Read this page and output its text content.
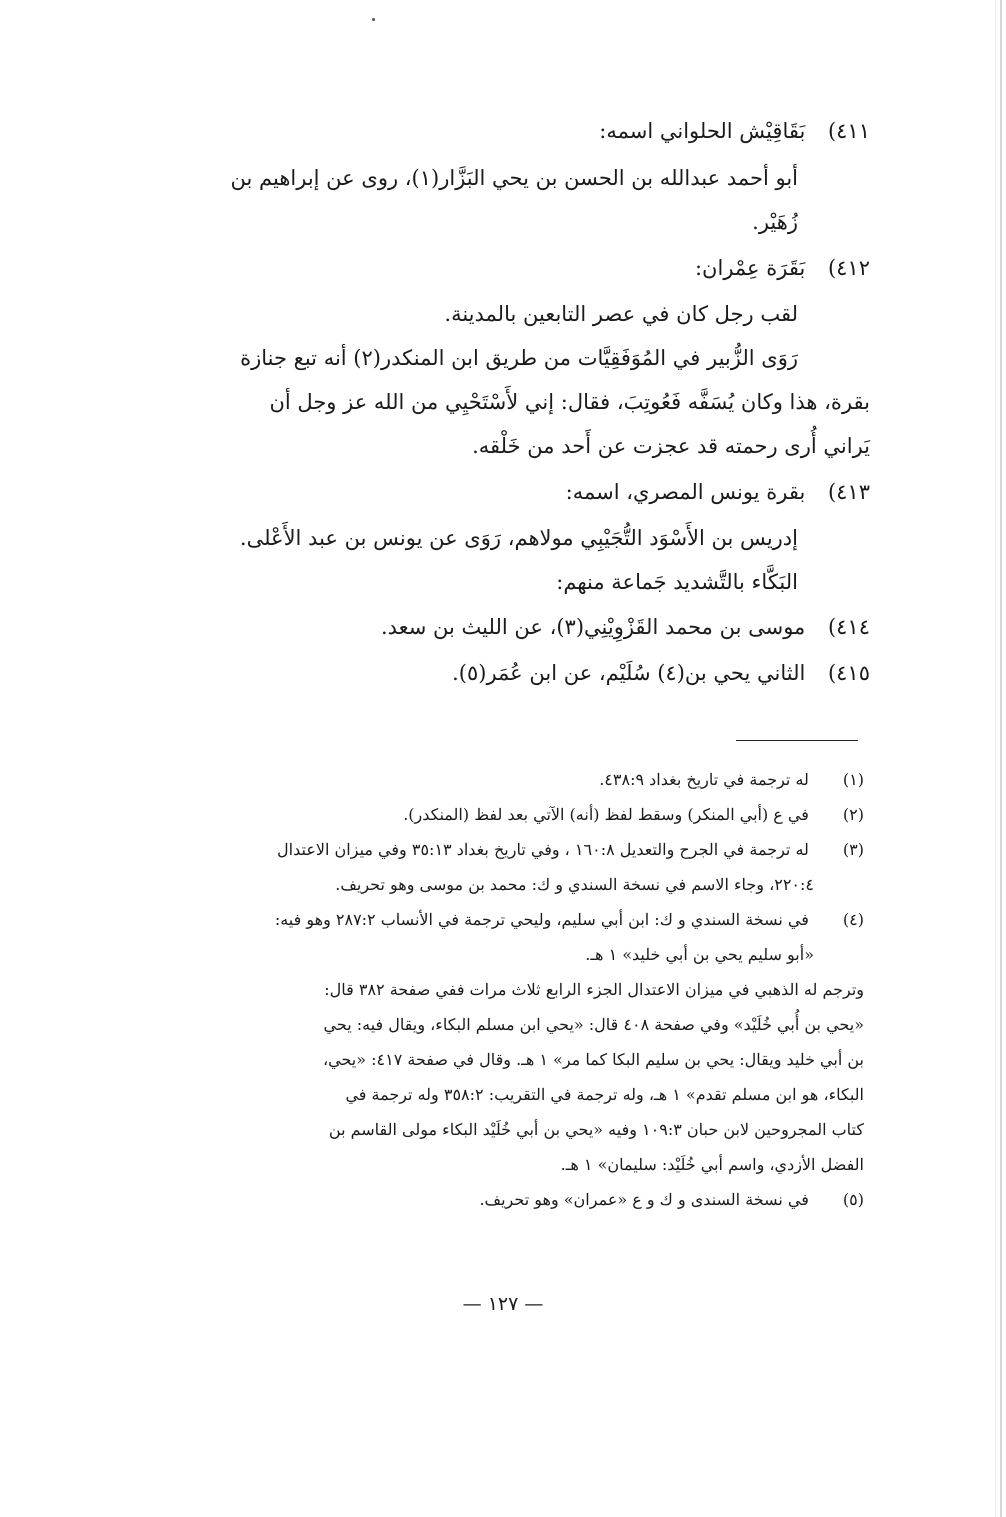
٤١١) بَقَاقِيْش الحلواني اسمه:
أبو أحمد عبدالله بن الحسن بن يحي البَزَّار(١)، روى عن إبراهيم بن
زُهَيْر.
٤١٢) بَقَرَة عِمْران:
لقب رجل كان في عصر التابعين بالمدينة.
رَوَى الزُّبير في المُوَفَقِيَّات من طريق ابن المنكدر(٢) أنه تبع جنازة
بقرة، هذا وكان يُسَفَّه فَعُوتِبَ، فقال: إني لأَسْتَحْيِي من الله عز وجل أن
يَراني أُرى رحمته قد عجزت عن أَحد من خَلْقه.
٤١٣) بقرة يونس المصري، اسمه:
إدريس بن الأَسْوَد التُّجَيْبِي مولاهم، رَوَى عن يونس بن عبد الأَعْلى.
البَكَّاء بالتَّشديد جَماعة منهم:
٤١٤) موسى بن محمد القَزْوِيْنِي(٣)، عن الليث بن سعد.
٤١٥) الثاني يحي بن(٤) سُلَيْم، عن ابن عُمَر(٥).
(١) له ترجمة في تاريخ بغداد ٤٣٨:٩.
(٢) في ع (أبي المنكر) وسقط لفظ (أنه) الآتي بعد لفظ (المنكدر).
(٣) له ترجمة في الجرح والتعديل ١٦٠:٨ ، وفي تاريخ بغداد ٣٥:١٣ وفي ميزان الاعتدال
٢٢٠:٤، وجاء الاسم في نسخة السندي و ك: محمد بن موسى وهو تحريف.
(٤) في نسخة السندي و ك: ابن أبي سليم، وليحي ترجمة في الأنساب ٢٨٧:٢ وهو فيه:
«أبو سليم يحي بن أبي خليد» ١ هـ.
وترجم له الذهبي في ميزان الاعتدال الجزء الرابع ثلاث مرات ففي صفحة ٣٨٢ قال:
«يحي بن أُبي خُلَيْد» وفي صفحة ٤٠٨ قال: «يحي ابن مسلم البكاء، ويقال فيه: يحي
بن أبي خليد ويقال: يحي بن سليم البكا كما مر» ١ هـ. وقال في صفحة ٤١٧: «يحي،
البكاء، هو ابن مسلم تقدم» ١ هـ، وله ترجمة في التقريب: ٣٥٨:٢ وله ترجمة في
كتاب المجروحين لابن حبان ١٠٩:٣ وفيه «يحي بن أبي خُلَيْد البكاء مولى القاسم بن
الفضل الأزدي، واسم أبي خُلَيْد: سليمان» ١ هـ.
(٥) في نسخة السندى و ك و ع «عمران» وهو تحريف.
— ١٢٧ —
